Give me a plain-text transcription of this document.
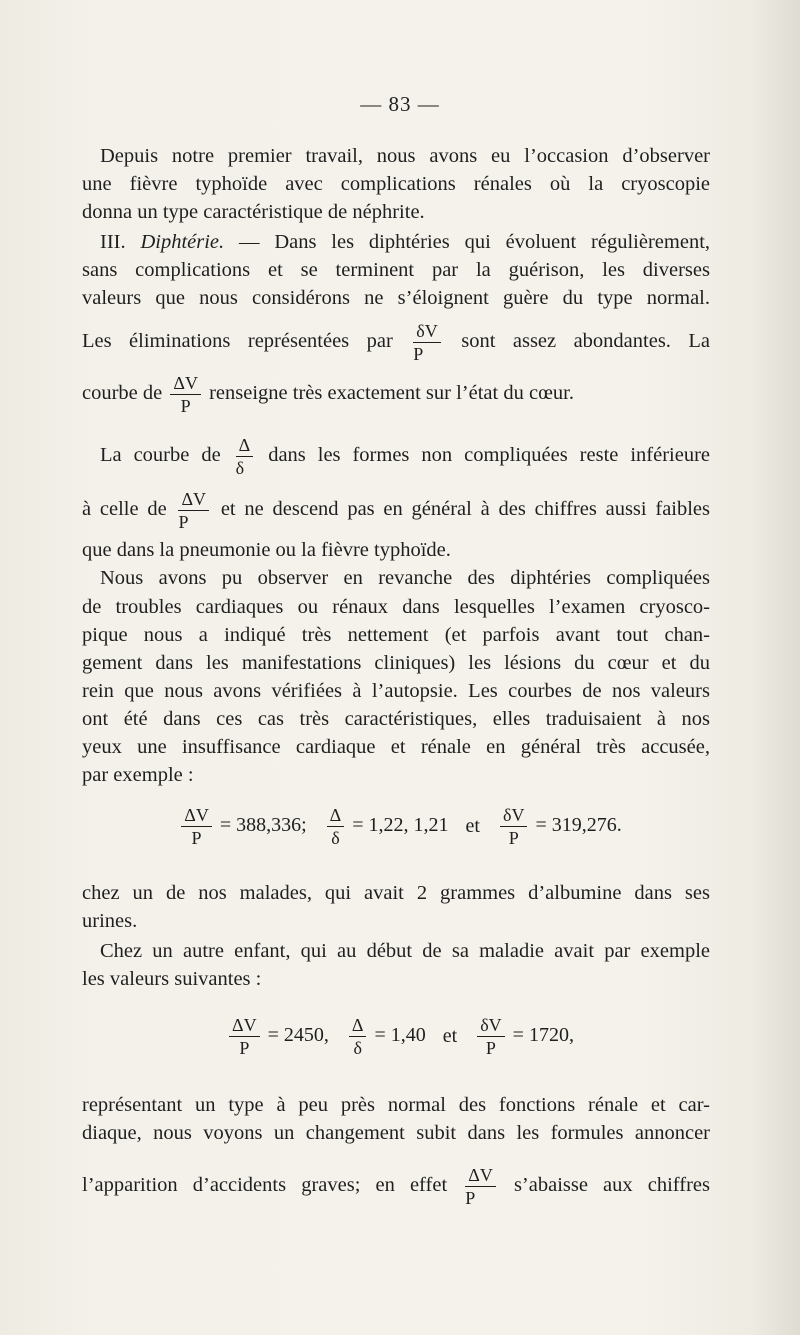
— 83 —
Depuis notre premier travail, nous avons eu l’occasion d’observer
une fièvre typhoïde avec complications rénales où la cryoscopie
donna un type caractéristique de néphrite.
III. Diphtérie. — Dans les diphtéries qui évoluent régulièrement,
sans complications et se terminent par la guérison, les diverses
valeurs que nous considérons ne s’éloignent guère du type normal.
Les éliminations représentées par $\frac{\delta V}{P}$ sont assez abondantes. La
courbe de $\frac{\Delta V}{P}$ renseigne très exactement sur l’état du cœur.
La courbe de $\frac{\Delta}{\delta}$ dans les formes non compliquées reste inférieure
à celle de $\frac{\Delta V}{P}$ et ne descend pas en général à des chiffres aussi faibles
que dans la pneumonie ou la fièvre typhoïde.
Nous avons pu observer en revanche des diphtéries compliquées
de troubles cardiaques ou rénaux dans lesquelles l’examen cryosco-
pique nous a indiqué très nettement (et parfois avant tout chan-
gement dans les manifestations cliniques) les lésions du cœur et du
rein que nous avons vérifiées à l’autopsie. Les courbes de nos valeurs
ont été dans ces cas très caractéristiques, elles traduisaient à nos
yeux une insuffisance cardiaque et rénale en général très accusée,
par exemple :
$\frac{\Delta V}{P} = 388,336$; $\frac{\Delta}{\delta} = 1,22$, 1,21 et $\frac{\delta V}{P} = 319,276$.
chez un de nos malades, qui avait 2 grammes d’albumine dans ses
urines.
Chez un autre enfant, qui au début de sa maladie avait par exemple
les valeurs suivantes :
$\frac{\Delta V}{P} = 2450$, $\frac{\Delta}{\delta} = 1,40$ et $\frac{\delta V}{P} = 1720$,
représentant un type à peu près normal des fonctions rénale et car-
diaque, nous voyons un changement subit dans les formules annoncer
l’apparition d’accidents graves; en effet $\frac{\Delta V}{P}$ s’abaisse aux chiffres
